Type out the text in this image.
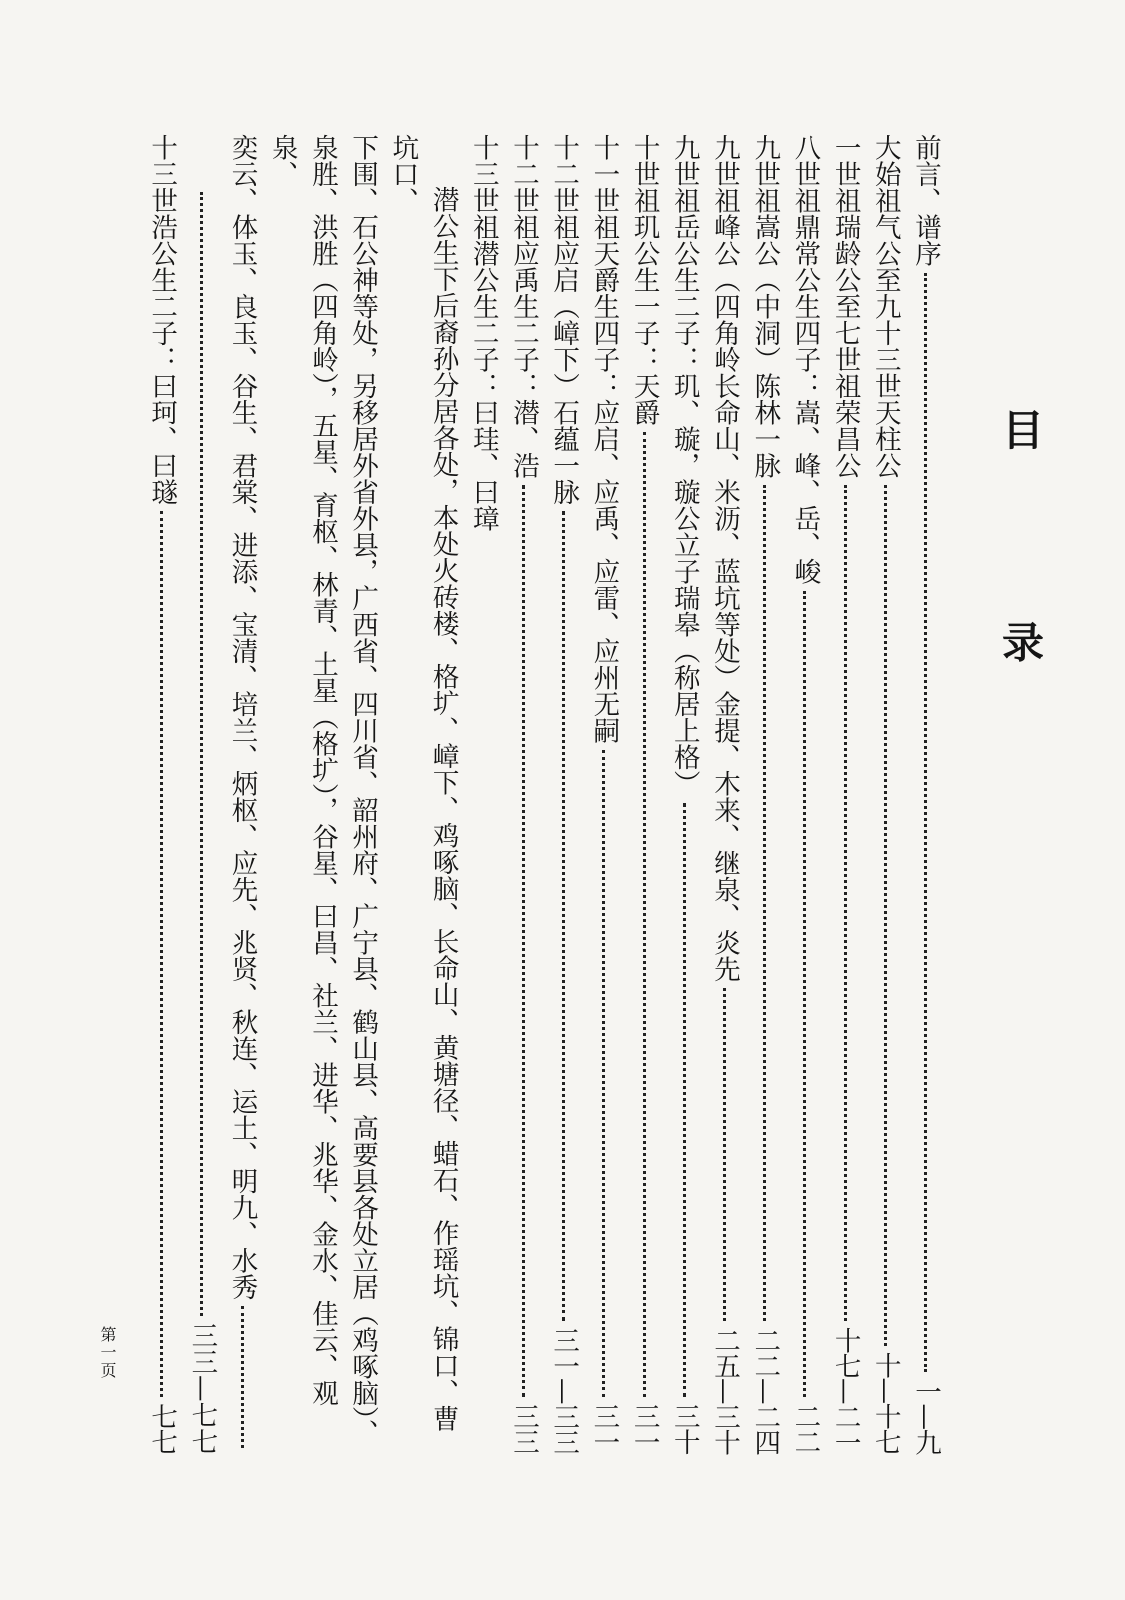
目 录
前言、谱序
一—九
大始祖气公至九十三世天柱公
十—十七
一世祖瑞龄公至七世祖荣昌公
十七—二一
八世祖鼎常公生四子：嵩、峰、岳、峻
二二
九世祖嵩公（中洞）陈林一脉
二二—二四
九世祖峰公（四角岭长命山、米沥、蓝坑等处）金提、木来、继泉、炎先
二五—三十
九世祖岳公生二子：玑、璇，璇公立子瑞皋（称居上格）
三十
十世祖玑公生一子：天爵
三一
十一世祖天爵生四子：应启、应禹、应雷、应州无嗣
三一
十二世祖应启（嶂下）石蕴一脉
三一—三三
十二世祖应禹生二子：潜、浩
三三
十三世祖潜公生二子：曰珪、曰璋
潜公生下后裔孙分居各处，本处火砖楼、格圹、嶂下、鸡啄脑、长命山、黄塘径、蜡石、作瑶坑、锦口、曹坑口、
下围、石公神等处，另移居外省外县，广西省、四川省、韶州府、广宁县、鹤山县、高要县各处立居（鸡啄脑）、
泉胜、洪胜（四角岭），五星、育枢、林青、土星（格圹），谷星、曰昌、社兰、进华、兆华、金水、佳云、观泉、
奕云、体玉、良玉、谷生、君棠、进添、宝清、培兰、炳枢、应先、兆贤、秋连、运土、明九、水秀
三三—七七
十三世浩公生二子：曰珂、曰璲
七七
第一页
